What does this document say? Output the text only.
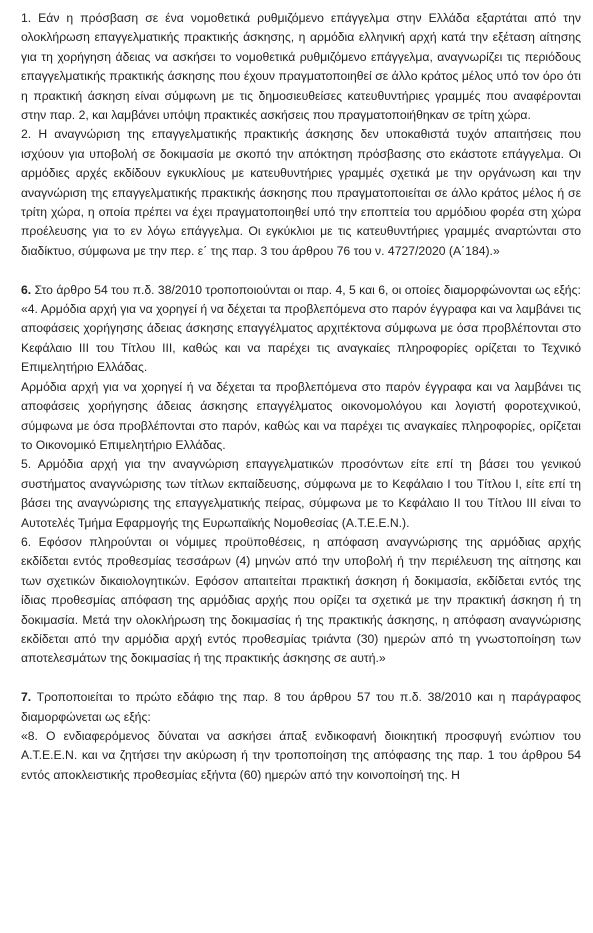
1. Εάν η πρόσβαση σε ένα νομοθετικά ρυθμιζόμενο επάγγελμα στην Ελλάδα εξαρτάται από την ολοκλήρωση επαγγελματικής πρακτικής άσκησης, η αρμόδια ελληνική αρχή κατά την εξέταση αίτησης για τη χορήγηση άδειας να ασκήσει το νομοθετικά ρυθμιζόμενο επάγγελμα, αναγνωρίζει τις περιόδους επαγγελματικής πρακτικής άσκησης που έχουν πραγματοποιηθεί σε άλλο κράτος μέλος υπό τον όρο ότι η πρακτική άσκηση είναι σύμφωνη με τις δημοσιευθείσες κατευθυντήριες γραμμές που αναφέρονται στην παρ. 2, και λαμβάνει υπόψη πρακτικές ασκήσεις που πραγματοποιήθηκαν σε τρίτη χώρα.

2. Η αναγνώριση της επαγγελματικής πρακτικής άσκησης δεν υποκαθιστά τυχόν απαιτήσεις που ισχύουν για υποβολή σε δοκιμασία με σκοπό την απόκτηση πρόσβασης στο εκάστοτε επάγγελμα. Οι αρμόδιες αρχές εκδίδουν εγκυκλίους με κατευθυντήριες γραμμές σχετικά με την οργάνωση και την αναγνώριση της επαγγελματικής πρακτικής άσκησης που πραγματοποιείται σε άλλο κράτος μέλος ή σε τρίτη χώρα, η οποία πρέπει να έχει πραγματοποιηθεί υπό την εποπτεία του αρμόδιου φορέα στη χώρα προέλευσης για το εν λόγω επάγγελμα. Οι εγκύκλιοι με τις κατευθυντήριες γραμμές αναρτώνται στο διαδίκτυο, σύμφωνα με την περ. ε΄ της παρ. 3 του άρθρου 76 του ν. 4727/2020 (Α΄184).»

6. Στο άρθρο 54 του π.δ. 38/2010 τροποποιούνται οι παρ. 4, 5 και 6, οι οποίες διαμορφώνονται ως εξής:

«4. Αρμόδια αρχή για να χορηγεί ή να δέχεται τα προβλεπόμενα στο παρόν έγγραφα και να λαμβάνει τις αποφάσεις χορήγησης άδειας άσκησης επαγγέλματος αρχιτέκτονα σύμφωνα με όσα προβλέπονται στο Κεφάλαιο ΙΙΙ του Τίτλου ΙΙΙ, καθώς και να παρέχει τις αναγκαίες πληροφορίες ορίζεται το Τεχνικό Επιμελητήριο Ελλάδας.

Αρμόδια αρχή για να χορηγεί ή να δέχεται τα προβλεπόμενα στο παρόν έγγραφα και να λαμβάνει τις αποφάσεις χορήγησης άδειας άσκησης επαγγέλματος οικονομολόγου και λογιστή φοροτεχνικού, σύμφωνα με όσα προβλέπονται στο παρόν, καθώς και να παρέχει τις αναγκαίες πληροφορίες, ορίζεται το Οικονομικό Επιμελητήριο Ελλάδας.

5. Αρμόδια αρχή για την αναγνώριση επαγγελματικών προσόντων είτε επί τη βάσει του γενικού συστήματος αναγνώρισης των τίτλων εκπαίδευσης, σύμφωνα με το Κεφάλαιο Ι του Τίτλου Ι, είτε επί τη βάσει της αναγνώρισης της επαγγελματικής πείρας, σύμφωνα με το Κεφάλαιο ΙΙ του Τίτλου ΙΙΙ είναι το Αυτοτελές Τμήμα Εφαρμογής της Ευρωπαϊκής Νομοθεσίας (Α.Τ.Ε.Ε.Ν.).

6. Εφόσον πληρούνται οι νόμιμες προϋποθέσεις, η απόφαση αναγνώρισης της αρμόδιας αρχής εκδίδεται εντός προθεσμίας τεσσάρων (4) μηνών από την υποβολή ή την περιέλευση της αίτησης και των σχετικών δικαιολογητικών. Εφόσον απαιτείται πρακτική άσκηση ή δοκιμασία, εκδίδεται εντός της ίδιας προθεσμίας απόφαση της αρμόδιας αρχής που ορίζει τα σχετικά με την πρακτική άσκηση ή τη δοκιμασία. Μετά την ολοκλήρωση της δοκιμασίας ή της πρακτικής άσκησης, η απόφαση αναγνώρισης εκδίδεται από την αρμόδια αρχή εντός προθεσμίας τριάντα (30) ημερών από τη γνωστοποίηση των αποτελεσμάτων της δοκιμασίας ή της πρακτικής άσκησης σε αυτή.»

7. Τροποποιείται το πρώτο εδάφιο της παρ. 8 του άρθρου 57 του π.δ. 38/2010 και η παράγραφος διαμορφώνεται ως εξής:

«8. Ο ενδιαφερόμενος δύναται να ασκήσει άπαξ ενδικοφανή διοικητική προσφυγή ενώπιον του Α.Τ.Ε.Ε.Ν. και να ζητήσει την ακύρωση ή την τροποποίηση της απόφασης της παρ. 1 του άρθρου 54 εντός αποκλειστικής προθεσμίας εξήντα (60) ημερών από την κοινοποίησή της. Η
